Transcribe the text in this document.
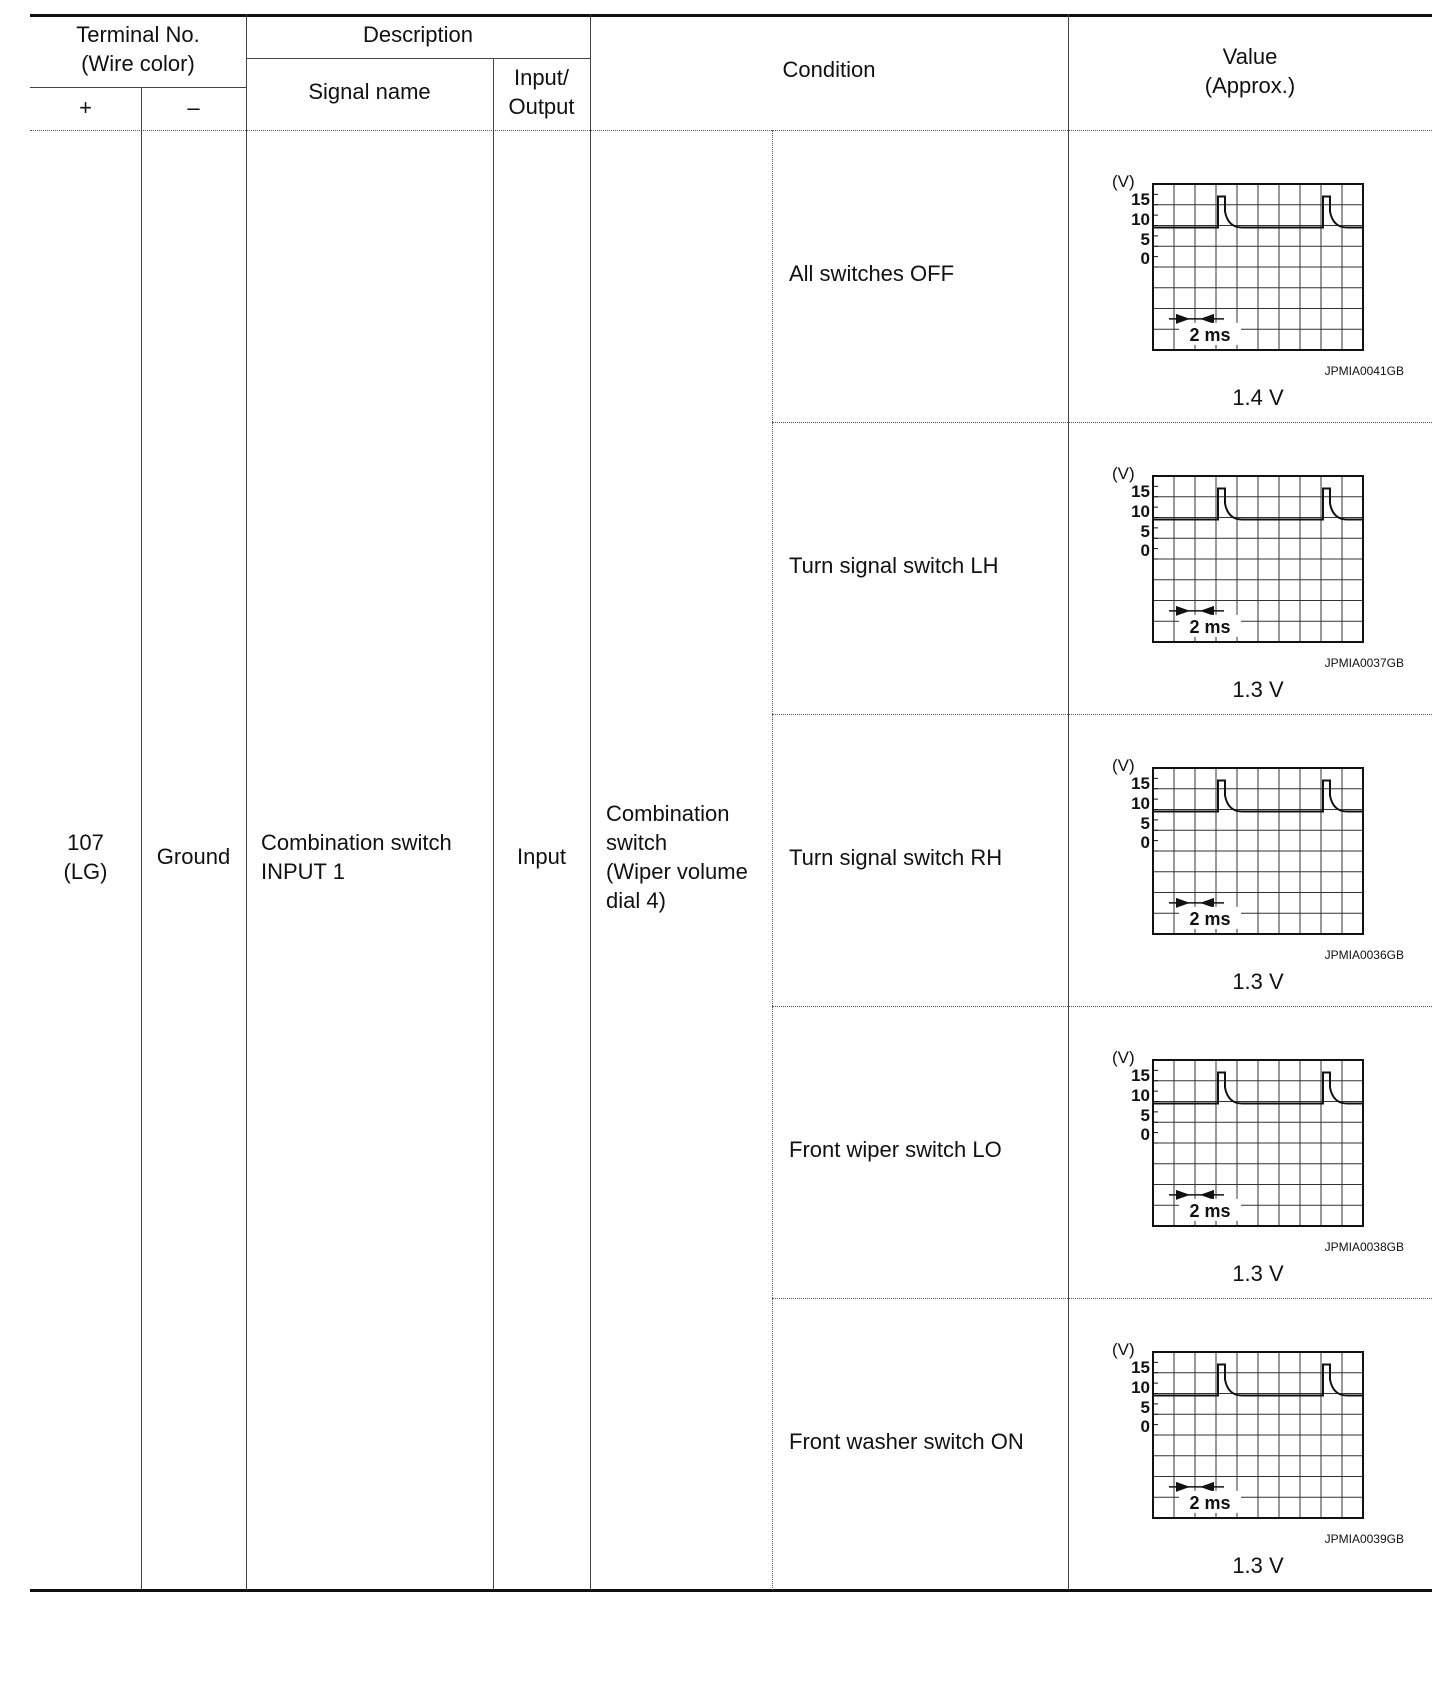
Terminal No.
(Wire color)
+	–
Description
Signal name
Input/
Output
Condition
Value
(Approx.)
107
(LG)
Ground
Combination switch
INPUT 1
Input
Combination
switch
(Wiper volume
dial 4)
All switches OFF
Turn signal switch LH
Turn signal switch RH
Front wiper switch LO
Front washer switch ON
(V)
15
10
5
0
2 ms
(V)
15
10
5
0
2 ms
(V)
15
10
5
0
2 ms
(V)
15
10
5
0
2 ms
(V)
15
10
5
0
2 ms
JPMIA0041GB
JPMIA0037GB
JPMIA0036GB
JPMIA0038GB
JPMIA0039GB
1.4 V
1.3 V
1.3 V
1.3 V
1.3 V
